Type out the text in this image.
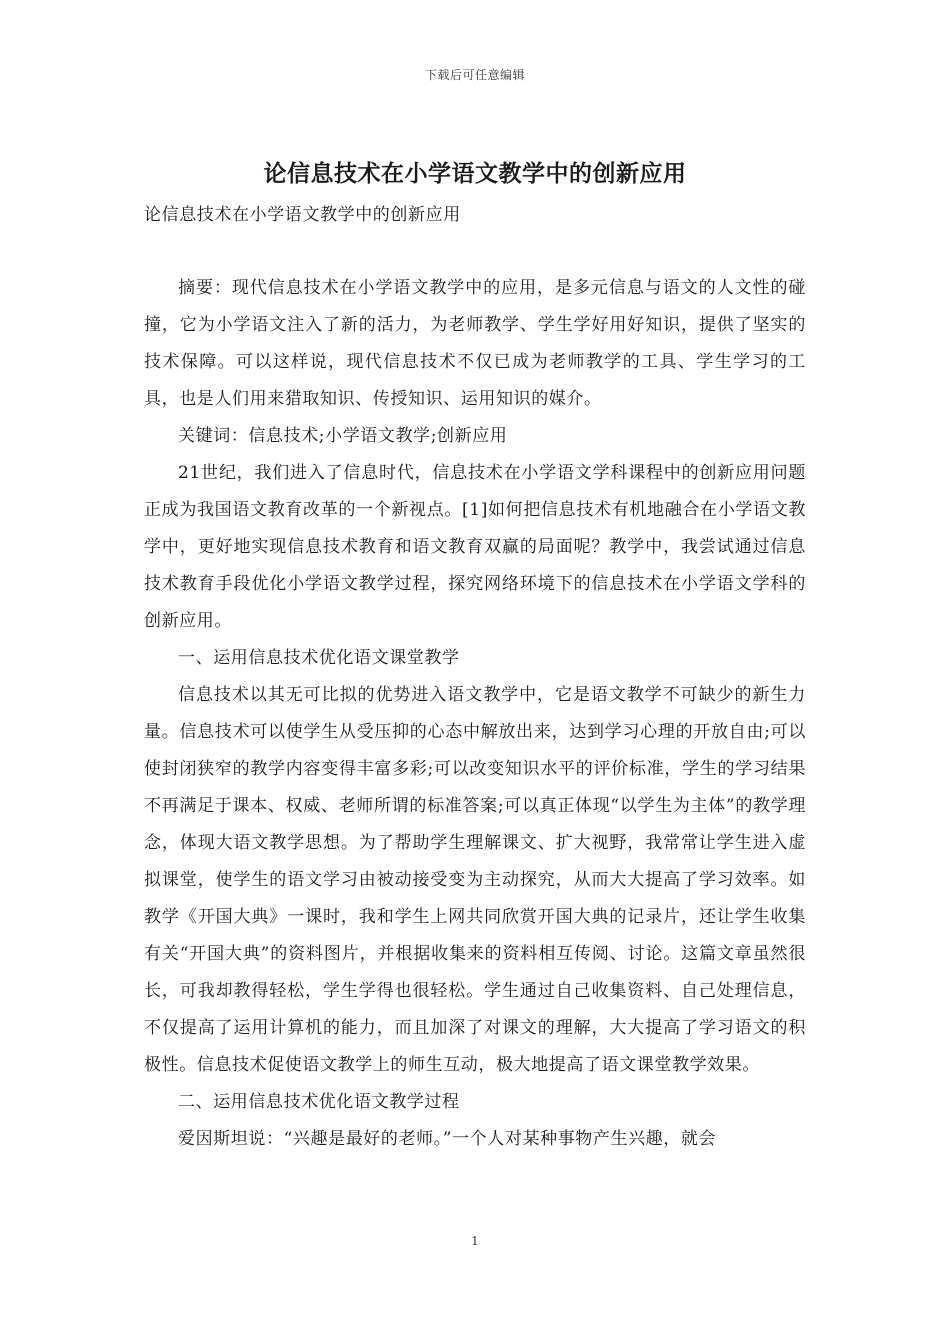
下载后可任意编辑
论信息技术在小学语文教学中的创新应用
论信息技术在小学语文教学中的创新应用

摘要：现代信息技术在小学语文教学中的应用，是多元信息与语文的人文性的碰撞，它为小学语文注入了新的活力，为老师教学、学生学好用好知识，提供了坚实的技术保障。可以这样说，现代信息技术不仅已成为老师教学的工具、学生学习的工具，也是人们用来猎取知识、传授知识、运用知识的媒介。

关键词：信息技术;小学语文教学;创新应用

21世纪，我们进入了信息时代，信息技术在小学语文学科课程中的创新应用问题正成为我国语文教育改革的一个新视点。[1]如何把信息技术有机地融合在小学语文教学中，更好地实现信息技术教育和语文教育双赢的局面呢？教学中，我尝试通过信息技术教育手段优化小学语文教学过程，探究网络环境下的信息技术在小学语文学科的创新应用。

一、运用信息技术优化语文课堂教学

信息技术以其无可比拟的优势进入语文教学中，它是语文教学不可缺少的新生力量。信息技术可以使学生从受压抑的心态中解放出来，达到学习心理的开放自由;可以使封闭狭窄的教学内容变得丰富多彩;可以改变知识水平的评价标准，学生的学习结果不再满足于课本、权威、老师所谓的标准答案;可以真正体现“以学生为主体”的教学理念，体现大语文教学思想。为了帮助学生理解课文、扩大视野，我常常让学生进入虚拟课堂，使学生的语文学习由被动接受变为主动探究，从而大大提高了学习效率。如教学《开国大典》一课时，我和学生上网共同欣赏开国大典的记录片，还让学生收集有关“开国大典”的资料图片，并根据收集来的资料相互传阅、讨论。这篇文章虽然很长，可我却教得轻松，学生学得也很轻松。学生通过自己收集资料、自己处理信息，不仅提高了运用计算机的能力，而且加深了对课文的理解，大大提高了学习语文的积极性。信息技术促使语文教学上的师生互动，极大地提高了语文课堂教学效果。

二、运用信息技术优化语文教学过程

爱因斯坦说：“兴趣是最好的老师。”一个人对某种事物产生兴趣，就会

1
